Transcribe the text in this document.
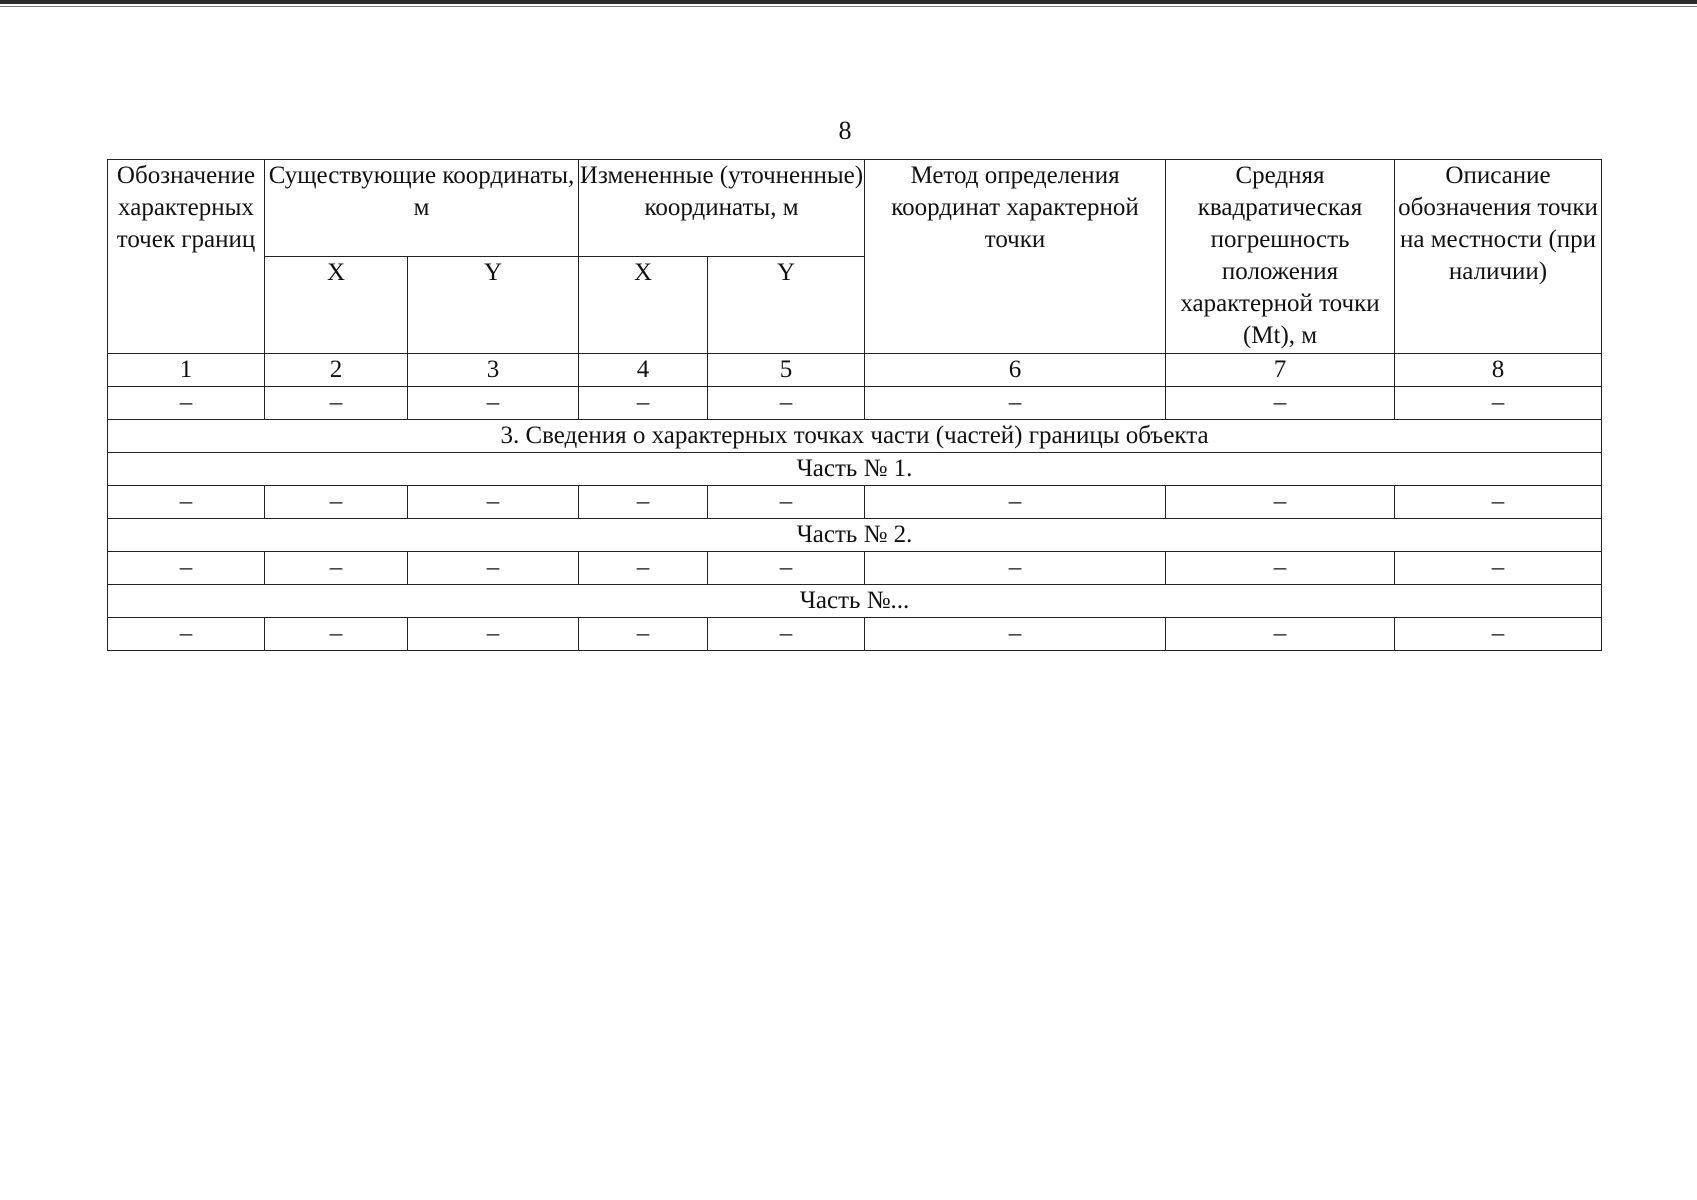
8
Обозначение характерных точек границ	Существующие координаты, м		Измененные (уточненные) координаты, м		Метод определения координат характерной точки	Средняя квадратическая погрешность положения характерной точки (Mt), м	Описание обозначения точки на местности (при наличии)
	X	Y	X	Y			
1	2	3	4	5	6	7	8
–	–	–	–	–	–	–	–
3. Сведения о характерных точках части (частей) границы объекта							
Часть № 1.							
–	–	–	–	–	–	–	–
Часть № 2.							
–	–	–	–	–	–	–	–
Часть №...							
–	–	–	–	–	–	–	–
